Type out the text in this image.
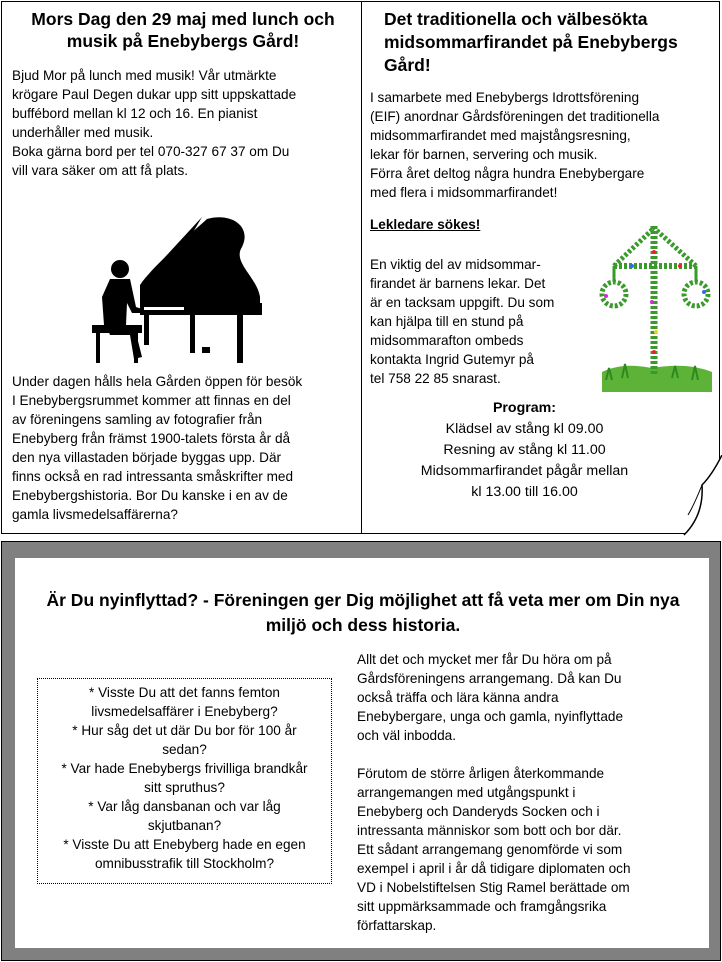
Mors Dag den 29 maj med lunch och musik på Enebybergs Gård!
Bjud Mor på lunch med musik! Vår utmärkte
krögare Paul Degen dukar upp sitt uppskattade
buffébord mellan kl 12 och 16. En pianist
underhåller med musik.
Boka gärna bord per tel 070-327 67 37 om Du
vill vara säker om att få plats.
Under dagen hålls hela Gården öppen för besök
I Enebybergsrummet kommer att finnas en del
av föreningens samling av fotografier från
Enebyberg från främst 1900-talets första år då
den nya villastaden började byggas upp. Där
finns också en rad intressanta småskrifter med
Enebybergshistoria. Bor Du kanske i en av de
gamla livsmedelsaffärerna?
Det traditionella och välbesökta midsommarfirandet på Enebybergs Gård!
I samarbete med Enebybergs Idrottsförening
(EIF) anordnar Gårdsföreningen det traditionella
midsommarfirandet med majstångsresning,
lekar för barnen, servering och musik.
Förra året deltog några hundra Enebybergare
med flera i midsommarfirandet!
Lekledare sökes!
En viktig del av midsommar-
firandet är barnens lekar. Det
är en tacksam uppgift. Du som
kan hjälpa till en stund på
midsommarafton ombeds
kontakta Ingrid Gutemyr på
tel 758 22 85 snarast.
Program:
Klädsel av stång kl 09.00
Resning av stång kl 11.00
Midsommarfirandet pågår mellan
kl 13.00 till 16.00
Är Du nyinflyttad? - Föreningen ger Dig möjlighet att få veta mer om Din nya miljö och dess historia.
* Visste Du att det fanns femton
livsmedelsaffärer i Enebyberg?
* Hur såg det ut där Du bor för 100 år
sedan?
* Var hade Enebybergs frivilliga brandkår
sitt spruthus?
* Var låg dansbanan och var låg
skjutbanan?
* Visste Du att Enebyberg hade en egen
omnibusstrafik till Stockholm?

Allt det och mycket mer får Du höra om på
Gårdsföreningens arrangemang. Då kan Du
också träffa och lära känna andra
Enebybergare, unga och gamla, nyinflyttade
och väl inbodda.

Förutom de större årligen återkommande
arrangemangen med utgångspunkt i
Enebyberg och Danderyds Socken och i
intressanta människor som bott och bor där.
Ett sådant arrangemang genomförde vi som
exempel i april i år då tidigare diplomaten och
VD i Nobelstiftelsen Stig Ramel berättade om
sitt uppmärksammade och framgångsrika
författarskap.
